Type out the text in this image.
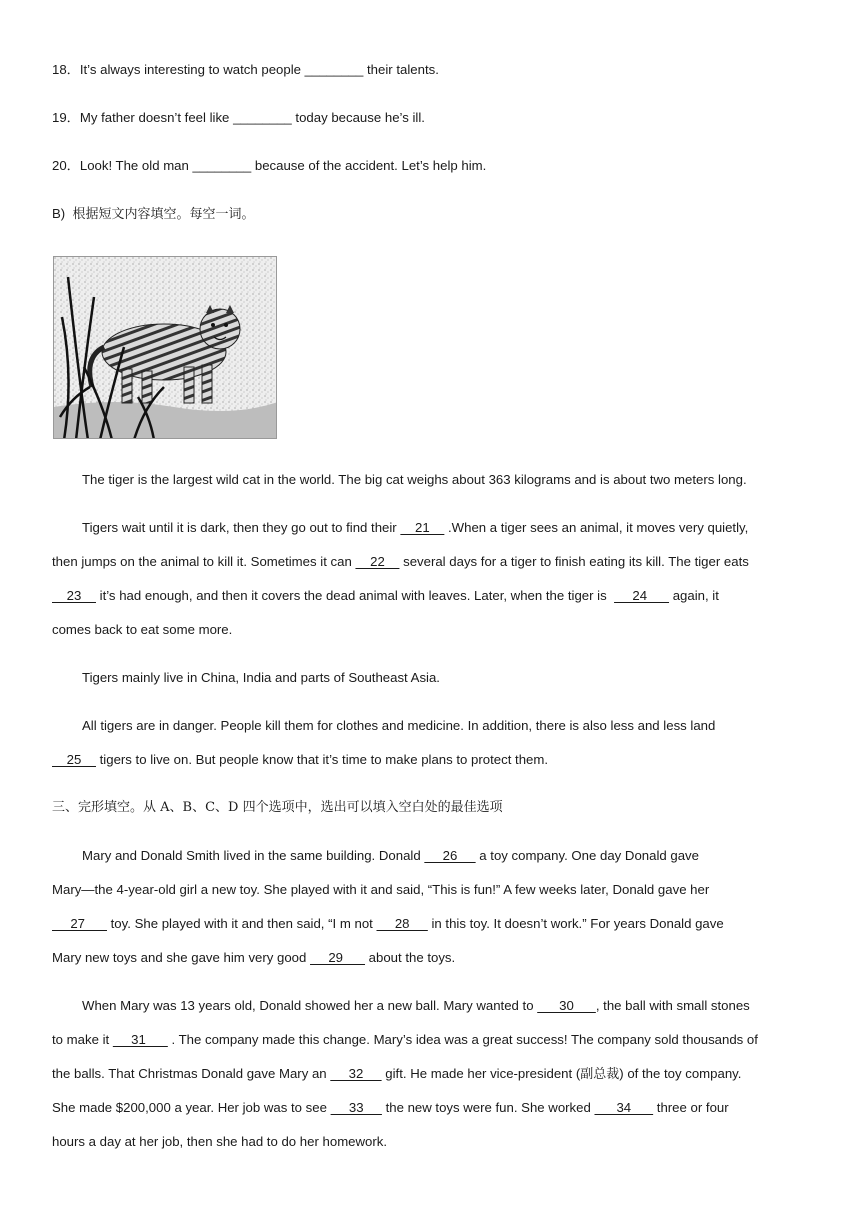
18．It’s always interesting to watch people ________ their talents.
19．My father doesn’t feel like ________ today because he’s ill.
20．Look! The old man ________ because of the accident. Let’s help him.
B)  根据短文内容填空。每空一词。
The tiger is the largest wild cat in the world. The big cat weighs about 363 kilograms and is about two meters long.
Tigers wait until it is dark, then they go out to find their     21     .When a tiger sees an animal, it moves very quietly,
then jumps on the animal to kill it. Sometimes it can     22     several days for a tiger to finish eating its kill. The tiger eats
23     it’s had enough, and then it covers the dead animal with leaves. Later, when the tiger is       24       again, it
comes back to eat some more.
Tigers mainly live in China, India and parts of Southeast Asia.
All tigers are in danger. People kill them for clothes and medicine. In addition, there is also less and less land
25     tigers to live on. But people know that it’s time to make plans to protect them.
三、完形填空。从 A、B、C、D 四个选项中，选出可以填入空白处的最佳选项
Mary and Donald Smith lived in the same building. Donald      26      a toy company. One day Donald gave
Mary—the 4-year-old girl a new toy. She played with it and said, “This is fun!” A few weeks later, Donald gave her
27       toy. She played with it and then said, “I m not      28      in this toy. It doesn’t work.” For years Donald gave
Mary new toys and she gave him very good      29       about the toys.
When Mary was 13 years old, Donald showed her a new ball. Mary wanted to       30      , the ball with small stones
to make it      31       . The company made this change. Mary’s idea was a great success! The company sold thousands of
the balls. That Christmas Donald gave Mary an      32      gift. He made her vice-president (副总裁) of the toy company.
She made $200,000 a year. Her job was to see      33      the new toys were fun. She worked       34       three or four
hours a day at her job, then she had to do her homework.
